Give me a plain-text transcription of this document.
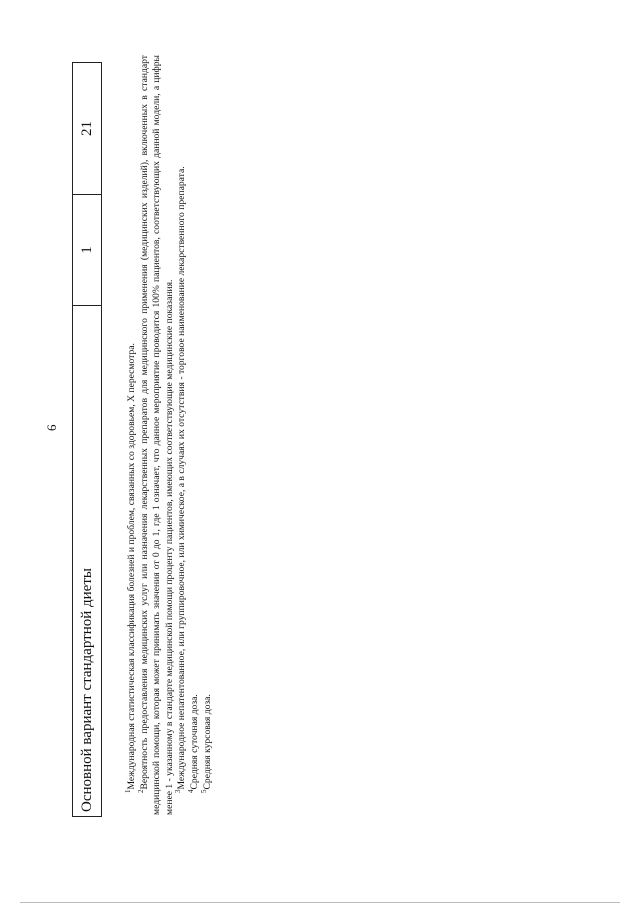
6
Основной вариант стандартной диеты
1
21

$^1$Международная статистическая классификация болезней и проблем, связанных со здоровьем, X пересмотра.

$^2$Вероятность предоставления медицинских услуг или назначения лекарственных препаратов для медицинского применения (медицинских изделий), включенных в стандарт медицинской помощи, которая может принимать значения от 0 до 1, где 1 означает, что данное мероприятие проводится 100% пациентов, соответствующих данной модели, а цифры менее 1 - указанному в стандарте медицинской помощи проценту пациентов, имеющих соответствующие медицинские показания. $^3$Международное непатентованное, или группировочное, или химическое, а в случаях их отсутствия - торговое наименование лекарственного препарата.

$^4$Средняя суточная доза.

$^5$Средняя курсовая доза.
